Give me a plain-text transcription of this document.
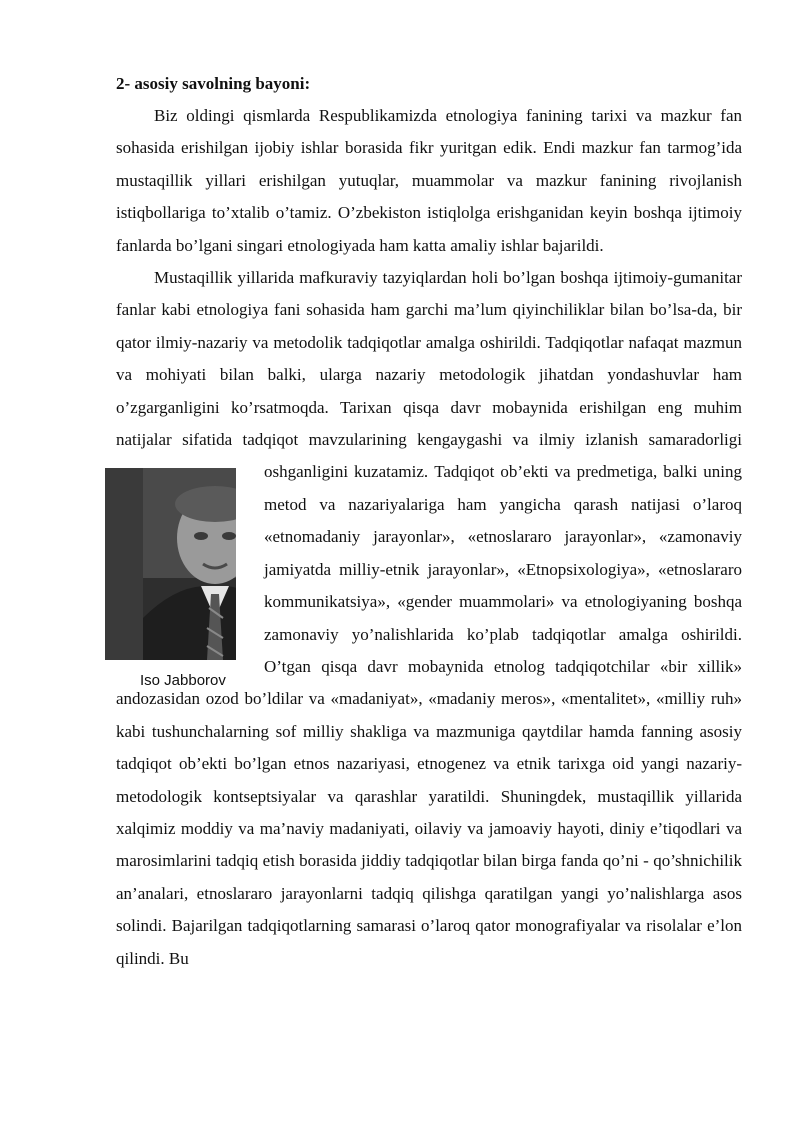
2- asosiy savolning bayoni:

Biz oldingi qismlarda Respublikamizda etnologiya fanining tarixi va mazkur fan sohasida erishilgan ijobiy ishlar borasida fikr yuritgan edik. Endi mazkur fan tarmog’ida mustaqillik yillari erishilgan yutuqlar, muammolar va mazkur fanining rivojlanish istiqbollariga to’xtalib o’tamiz. O’zbekiston istiqlolga erishganidan keyin boshqa ijtimoiy fanlarda bo’lgani singari etnologiyada ham katta amaliy ishlar bajarildi.

Mustaqillik yillarida mafkuraviy tazyiqlardan holi bo’lgan boshqa ijtimoiy-gumanitar fanlar kabi etnologiya fani sohasida ham garchi ma’lum qiyinchiliklar bilan bo’lsa-da, bir qator ilmiy-nazariy va metodolik tadqiqotlar amalga oshirildi. Tadqiqotlar nafaqat mazmun va mohiyati bilan balki, ularga nazariy metodologik jihatdan yondashuvlar ham o’zgarganligini ko’rsatmoqda. Tarixan qisqa davr mobaynida erishilgan eng muhim natijalar sifatida tadqiqot mavzularining kengaygashi va ilmiy izlanish samaradorligi oshganligini kuzatamiz.
Iso Jabborov
Tadqiqot ob’ekti va predmetiga, balki uning metod va nazariyalariga ham yangicha qarash natijasi o’laroq «etnomadaniy jarayonlar», «etnoslararo jarayonlar», «zamonaviy jamiyatda milliy-etnik jarayonlar», «Etnopsixologiya», «etnoslararo kommunikatsiya», «gender muammolari» va etnologiyaning boshqa zamonaviy yo’nalishlarida ko’plab tadqiqotlar amalga oshirildi. O’tgan qisqa davr mobaynida etnolog tadqiqotchilar «bir xillik» andozasidan ozod bo’ldilar va «madaniyat», «madaniy meros», «mentalitet», «milliy ruh» kabi tushunchalarning sof milliy shakliga va mazmuniga qaytdilar hamda fanning asosiy tadqiqot ob’ekti bo’lgan etnos nazariyasi, etnogenez va etnik tarixga oid yangi nazariy-metodologik kontseptsiyalar va qarashlar yaratildi. Shuningdek, mustaqillik yillarida xalqimiz moddiy va ma’naviy madaniyati, oilaviy va jamoaviy hayoti, diniy e’tiqodlari va marosimlarini tadqiq etish borasida jiddiy tadqiqotlar bilan birga fanda qo’ni - qo’shnichilik an’analari, etnoslararo jarayonlarni tadqiq qilishga qaratilgan yangi yo’nalishlarga asos solindi. Bajarilgan tadqiqotlarning samarasi o’laroq qator monografiyalar va risolalar e’lon qilindi. Bu
